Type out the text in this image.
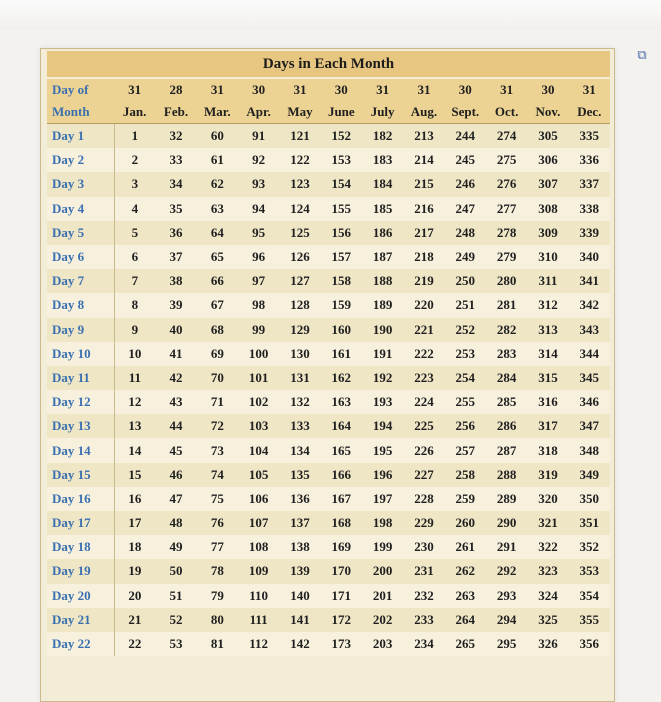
⧉
Days in Each Month
Day of	31	28	31	30	31	30	31	31	30	31	30	31
Month	Jan.	Feb.	Mar.	Apr.	May	June	July	Aug.	Sept.	Oct.	Nov.	Dec.
Day 1	1	32	60	91	121	152	182	213	244	274	305	335
Day 2	2	33	61	92	122	153	183	214	245	275	306	336
Day 3	3	34	62	93	123	154	184	215	246	276	307	337
Day 4	4	35	63	94	124	155	185	216	247	277	308	338
Day 5	5	36	64	95	125	156	186	217	248	278	309	339
Day 6	6	37	65	96	126	157	187	218	249	279	310	340
Day 7	7	38	66	97	127	158	188	219	250	280	311	341
Day 8	8	39	67	98	128	159	189	220	251	281	312	342
Day 9	9	40	68	99	129	160	190	221	252	282	313	343
Day 10	10	41	69	100	130	161	191	222	253	283	314	344
Day 11	11	42	70	101	131	162	192	223	254	284	315	345
Day 12	12	43	71	102	132	163	193	224	255	285	316	346
Day 13	13	44	72	103	133	164	194	225	256	286	317	347
Day 14	14	45	73	104	134	165	195	226	257	287	318	348
Day 15	15	46	74	105	135	166	196	227	258	288	319	349
Day 16	16	47	75	106	136	167	197	228	259	289	320	350
Day 17	17	48	76	107	137	168	198	229	260	290	321	351
Day 18	18	49	77	108	138	169	199	230	261	291	322	352
Day 19	19	50	78	109	139	170	200	231	262	292	323	353
Day 20	20	51	79	110	140	171	201	232	263	293	324	354
Day 21	21	52	80	111	141	172	202	233	264	294	325	355
Day 22	22	53	81	112	142	173	203	234	265	295	326	356
